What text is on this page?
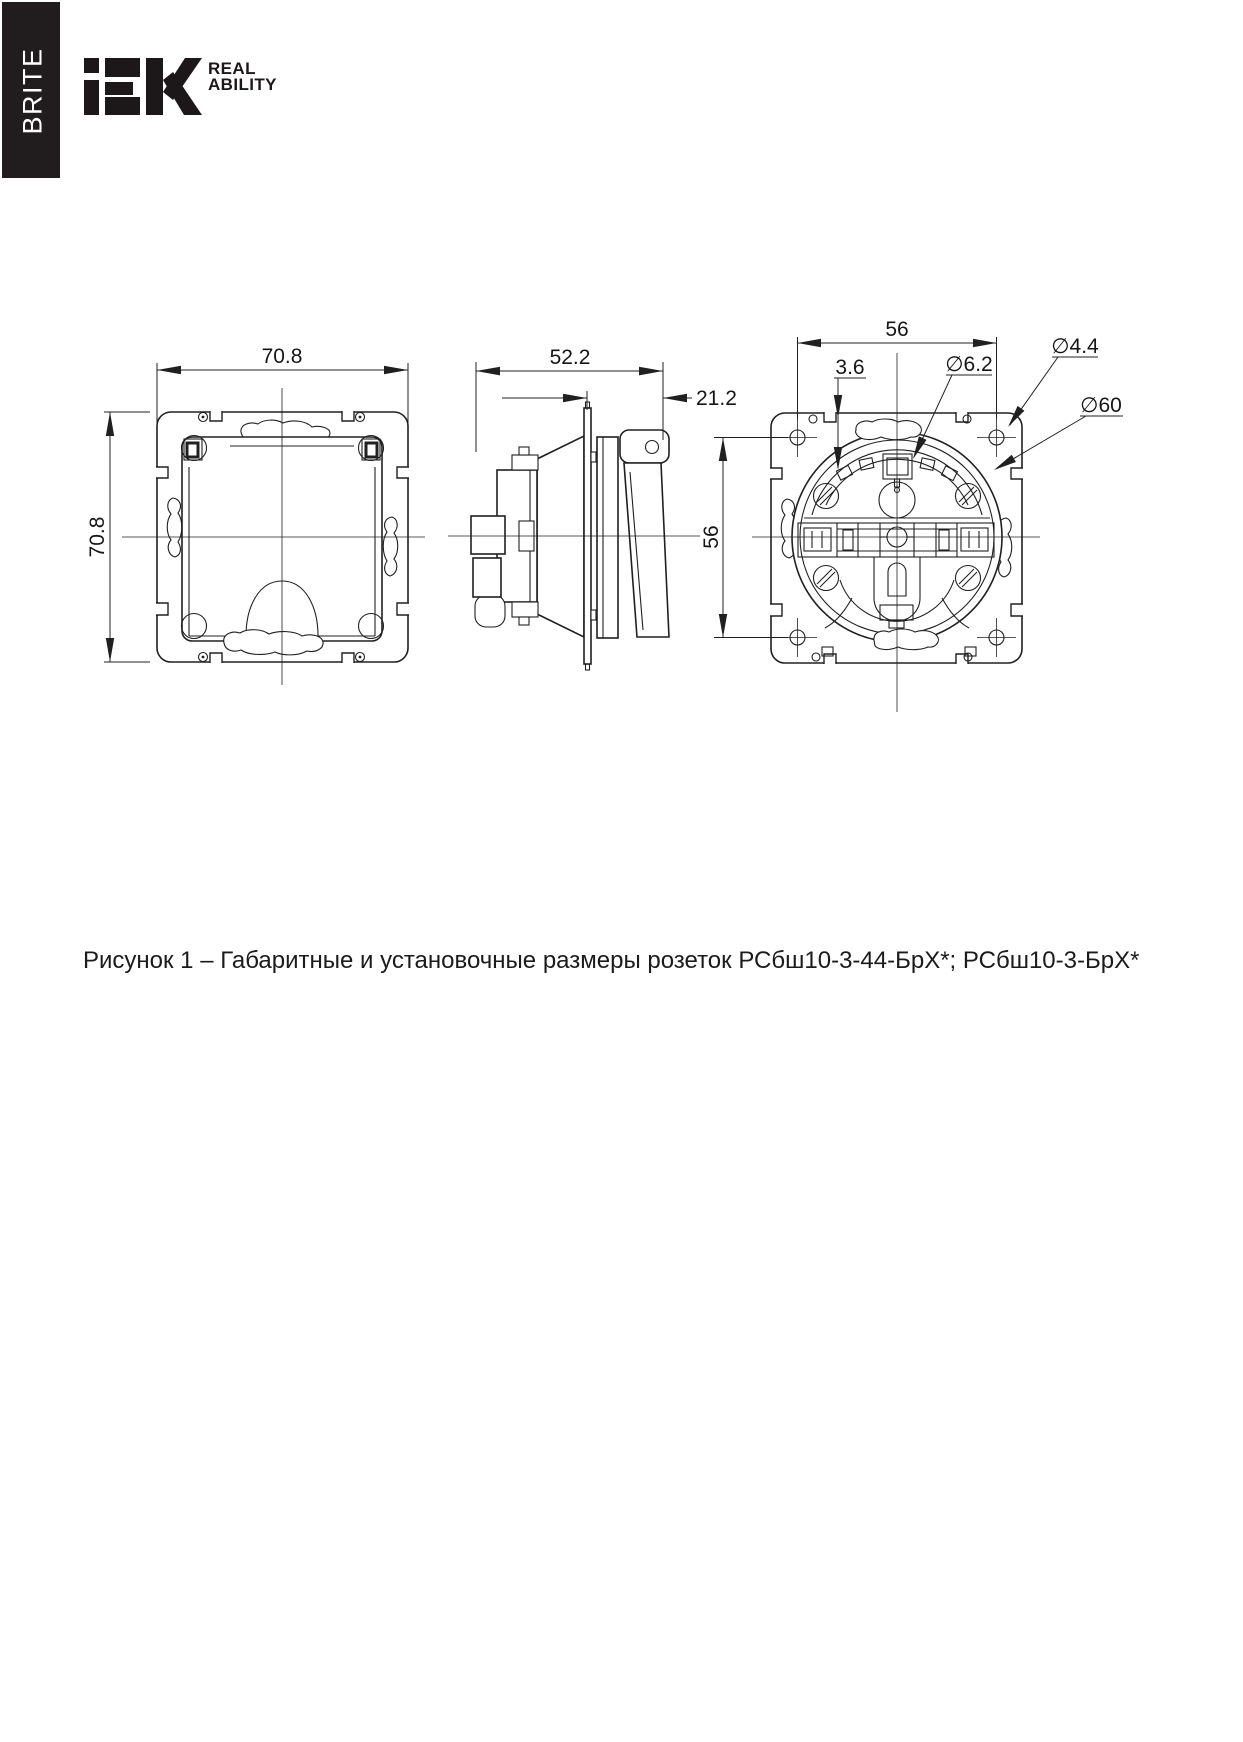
70.8
70.8
52.2
21.2
56
56
3.6	∅6.2
∅4.4
∅60
BRITE	REAL
ABILITY
Рисунок 1 – Габаритные и установочные размеры розеток РСбш10-3-44-БрХ*; РСбш10-3-БрХ*
